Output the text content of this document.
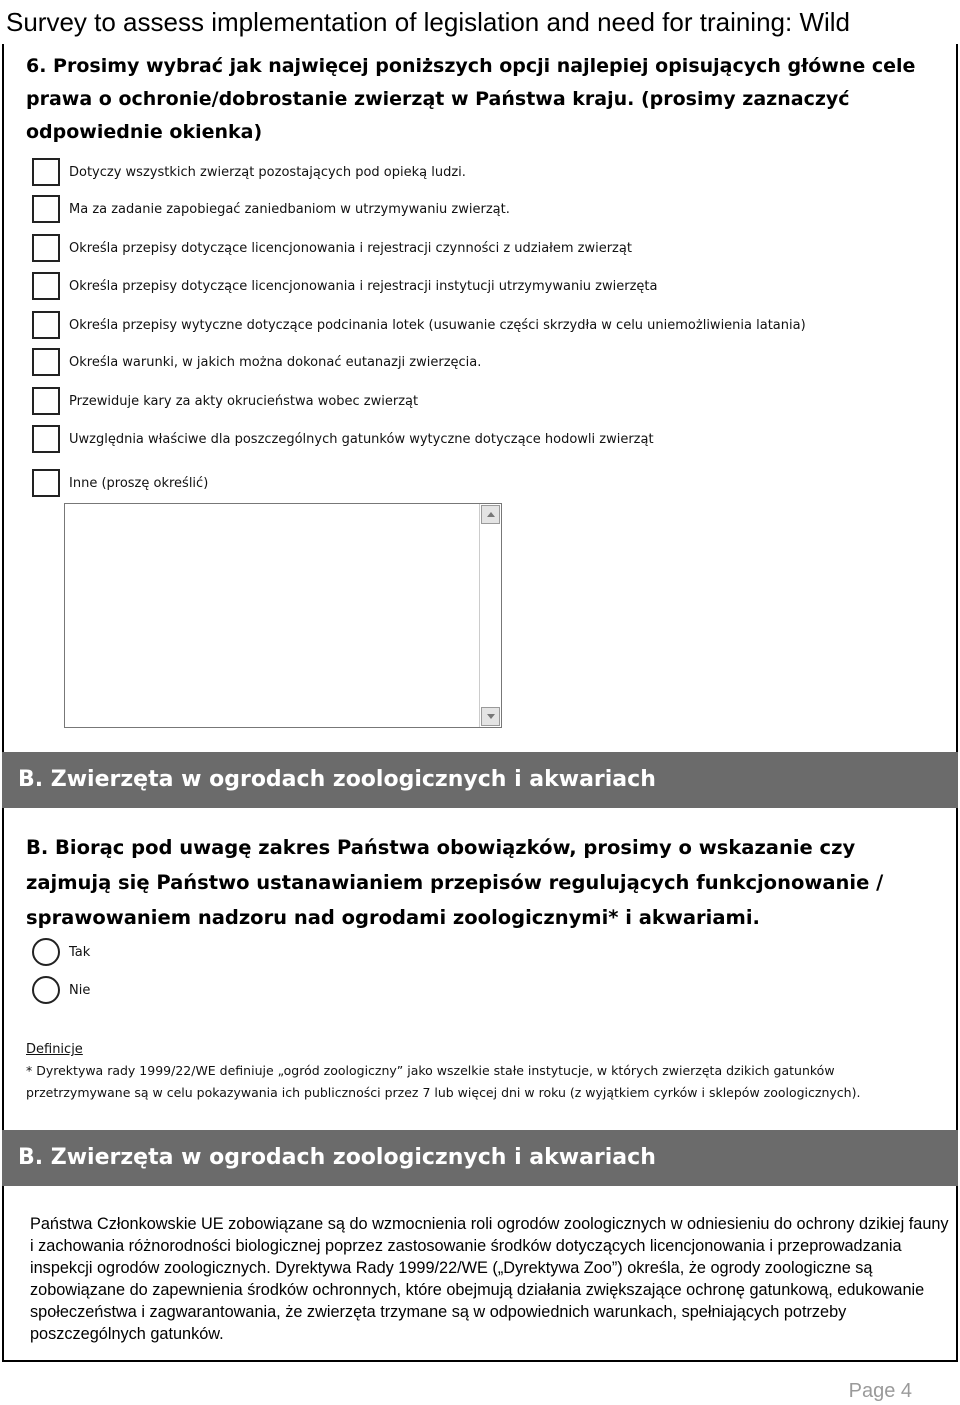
Survey to assess implementation of legislation and need for training: Wild
6. Prosimy wybrać jak najwięcej poniższych opcji najlepiej opisujących główne cele prawa o ochronie/dobrostanie zwierząt w Państwa kraju. (prosimy zaznaczyć odpowiednie okienka)
Dotyczy wszystkich zwierząt pozostających pod opieką ludzi.
Ma za zadanie zapobiegać zaniedbaniom w utrzymywaniu zwierząt.
Określa przepisy dotyczące licencjonowania i rejestracji czynności z udziałem zwierząt
Określa przepisy dotyczące licencjonowania i rejestracji instytucji utrzymywaniu zwierzęta
Określa przepisy wytyczne dotyczące podcinania lotek (usuwanie części skrzydła w celu uniemożliwienia latania)
Określa warunki, w jakich można dokonać eutanazji zwierzęcia.
Przewiduje kary za akty okrucieństwa wobec zwierząt
Uwzględnia właściwe dla poszczególnych gatunków wytyczne dotyczące hodowli zwierząt
Inne (proszę określić)
B. Zwierzęta w ogrodach zoologicznych i akwariach
B. Biorąc pod uwagę zakres Państwa obowiązków, prosimy o wskazanie czy zajmują się Państwo ustanawianiem przepisów regulujących funkcjonowanie / sprawowaniem nadzoru nad ogrodami zoologicznymi* i akwariami.
Tak
Nie
Definicje
* Dyrektywa rady 1999/22/WE definiuje „ogród zoologiczny” jako wszelkie stałe instytucje, w których zwierzęta dzikich gatunków przetrzymywane są w celu pokazywania ich publiczności przez 7 lub więcej dni w roku (z wyjątkiem cyrków i sklepów zoologicznych).
B. Zwierzęta w ogrodach zoologicznych i akwariach
Państwa Członkowskie UE zobowiązane są do wzmocnienia roli ogrodów zoologicznych w odniesieniu do ochrony dzikiej fauny i zachowania różnorodności biologicznej poprzez zastosowanie środków dotyczących licencjonowania i przeprowadzania inspekcji ogrodów zoologicznych. Dyrektywa Rady 1999/22/WE („Dyrektywa Zoo”) określa, że ogrody zoologiczne są zobowiązane do zapewnienia środków ochronnych, które obejmują działania zwiększające ochronę gatunkową, edukowanie społeczeństwa i zagwarantowania, że zwierzęta trzymane są w odpowiednich warunkach, spełniających potrzeby poszczególnych gatunków.
Page 4
